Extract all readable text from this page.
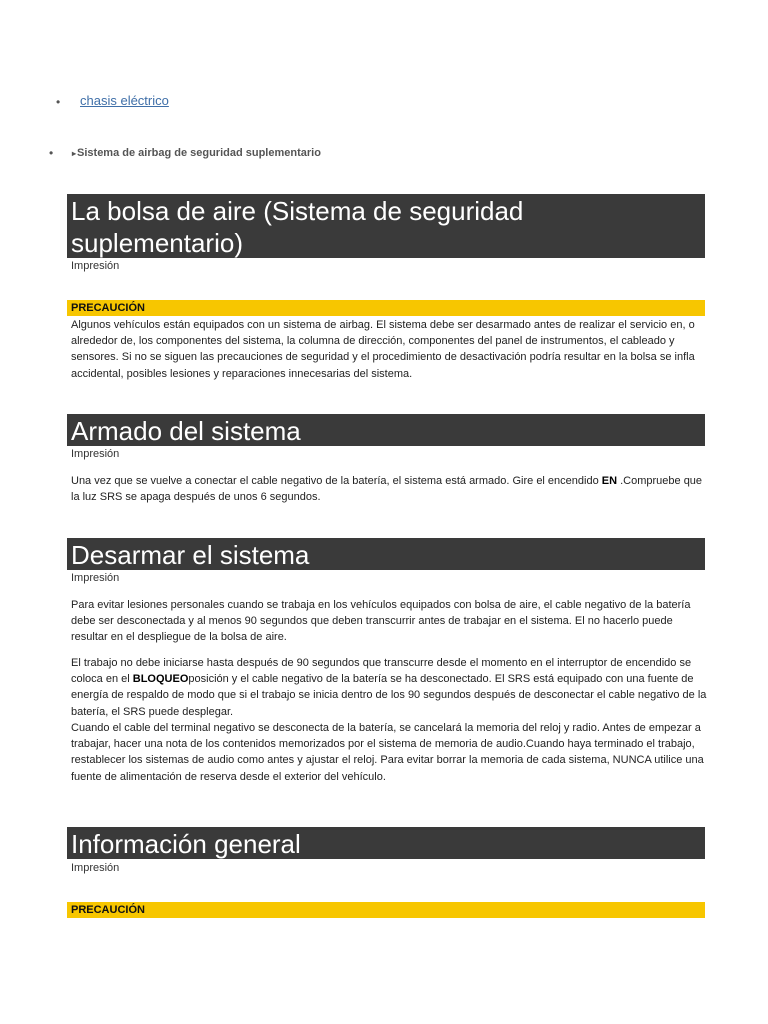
• chasis eléctrico
• ▸Sistema de airbag de seguridad suplementario
La bolsa de aire (Sistema de seguridad suplementario)
Impresión
PRECAUCIÓN
Algunos vehículos están equipados con un sistema de airbag. El sistema debe ser desarmado antes de realizar el servicio en, o alrededor de, los componentes del sistema, la columna de dirección, componentes del panel de instrumentos, el cableado y sensores. Si no se siguen las precauciones de seguridad y el procedimiento de desactivación podría resultar en la bolsa se infla accidental, posibles lesiones y reparaciones innecesarias del sistema.
Armado del sistema
Impresión
Una vez que se vuelve a conectar el cable negativo de la batería, el sistema está armado. Gire el encendido EN .Compruebe que la luz SRS se apaga después de unos 6 segundos.
Desarmar el sistema
Impresión
Para evitar lesiones personales cuando se trabaja en los vehículos equipados con bolsa de aire, el cable negativo de la batería debe ser desconectada y al menos 90 segundos que deben transcurrir antes de trabajar en el sistema. El no hacerlo puede resultar en el despliegue de la bolsa de aire.
El trabajo no debe iniciarse hasta después de 90 segundos que transcurre desde el momento en el interruptor de encendido se coloca en el BLOQUEOposición y el cable negativo de la batería se ha desconectado. El SRS está equipado con una fuente de energía de respaldo de modo que si el trabajo se inicia dentro de los 90 segundos después de desconectar el cable negativo de la batería, el SRS puede desplegar.
Cuando el cable del terminal negativo se desconecta de la batería, se cancelará la memoria del reloj y radio. Antes de empezar a trabajar, hacer una nota de los contenidos memorizados por el sistema de memoria de audio.Cuando haya terminado el trabajo, restablecer los sistemas de audio como antes y ajustar el reloj. Para evitar borrar la memoria de cada sistema, NUNCA utilice una fuente de alimentación de reserva desde el exterior del vehículo.
Información general
Impresión
PRECAUCIÓN
